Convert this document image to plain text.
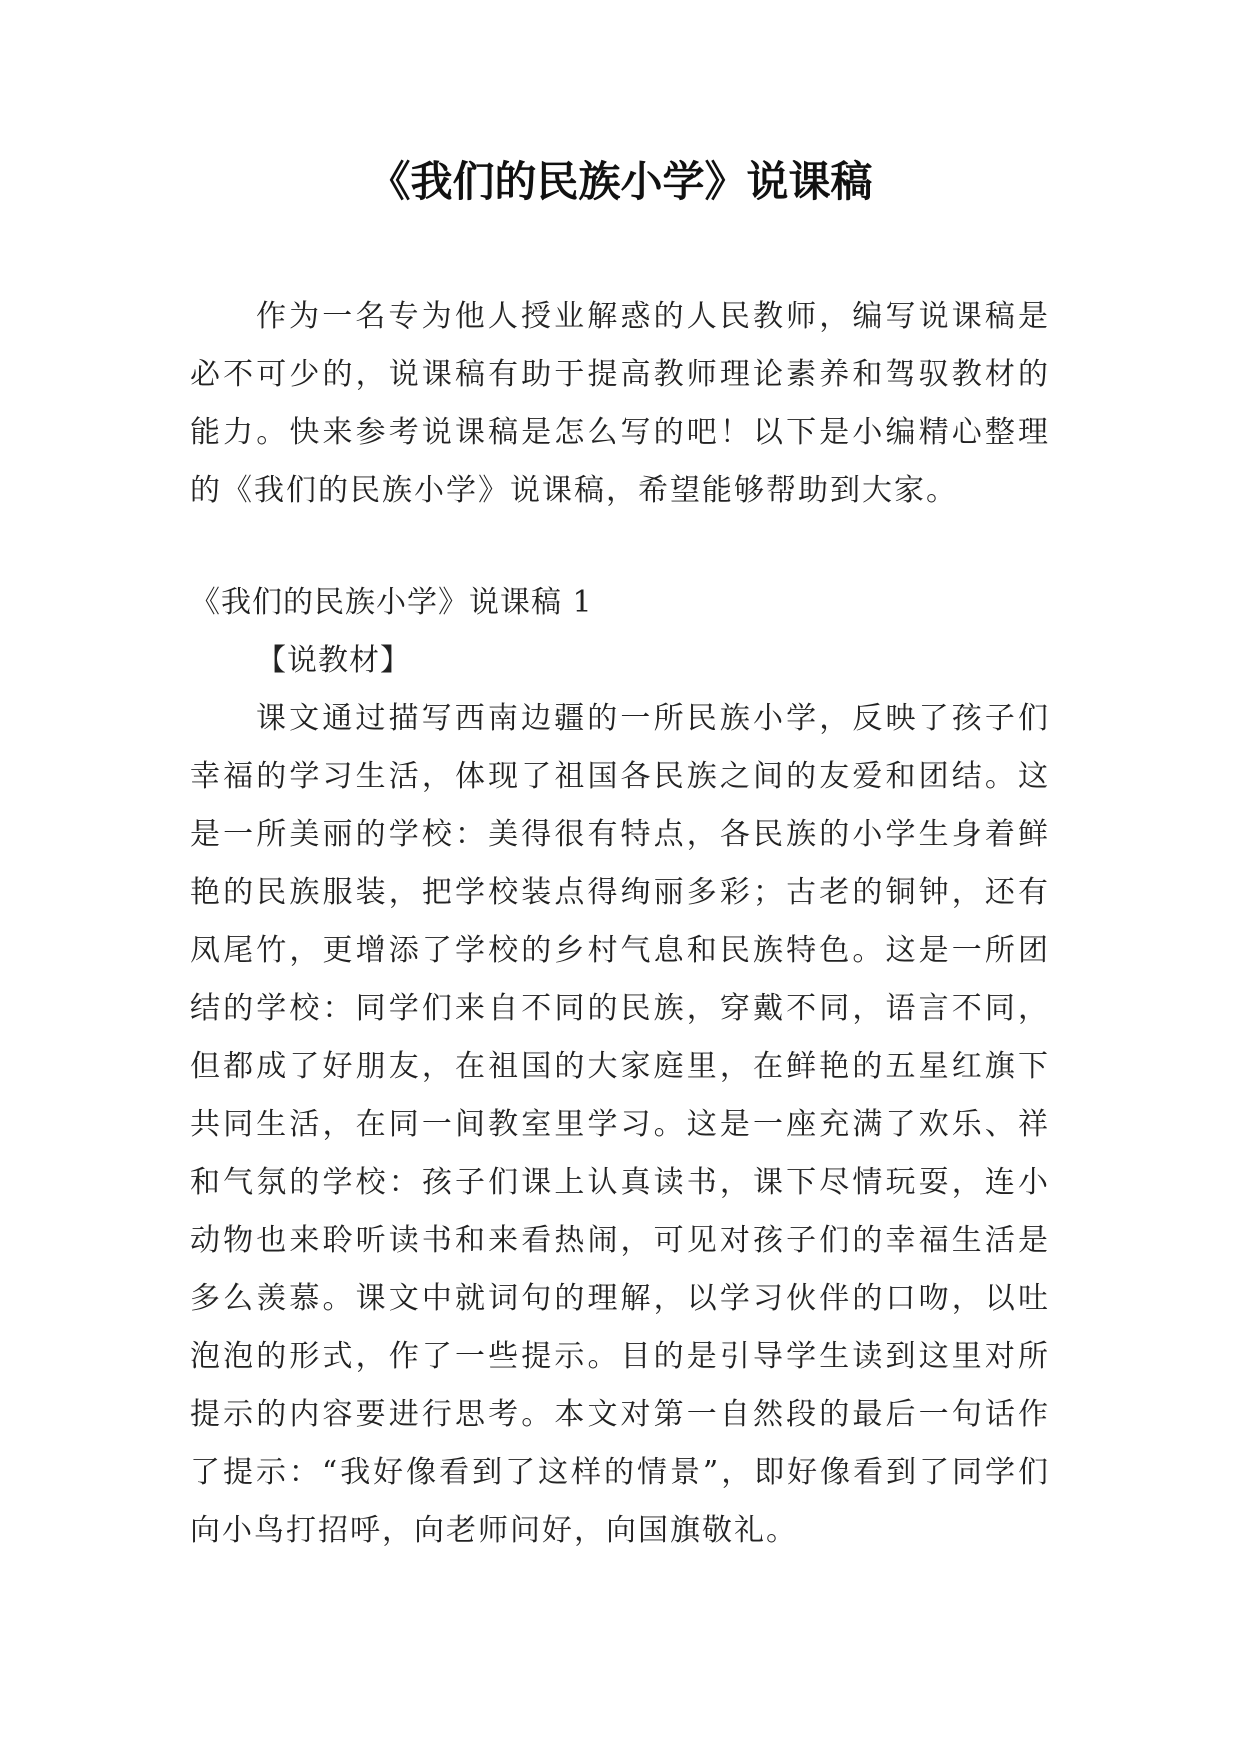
《我们的民族小学》说课稿

作为一名专为他人授业解惑的人民教师，编写说课稿是必不可少的，说课稿有助于提高教师理论素养和驾驭教材的能力。快来参考说课稿是怎么写的吧！以下是小编精心整理的《我们的民族小学》说课稿，希望能够帮助到大家。

《我们的民族小学》说课稿 1

【说教材】

课文通过描写西南边疆的一所民族小学，反映了孩子们幸福的学习生活，体现了祖国各民族之间的友爱和团结。这是一所美丽的学校：美得很有特点，各民族的小学生身着鲜艳的民族服装，把学校装点得绚丽多彩；古老的铜钟，还有凤尾竹，更增添了学校的乡村气息和民族特色。这是一所团结的学校：同学们来自不同的民族，穿戴不同，语言不同，但都成了好朋友，在祖国的大家庭里，在鲜艳的五星红旗下共同生活，在同一间教室里学习。这是一座充满了欢乐、祥和气氛的学校：孩子们课上认真读书，课下尽情玩耍，连小动物也来聆听读书和来看热闹，可见对孩子们的幸福生活是多么羡慕。课文中就词句的理解，以学习伙伴的口吻，以吐泡泡的形式，作了一些提示。目的是引导学生读到这里对所提示的内容要进行思考。本文对第一自然段的最后一句话作了提示：“我好像看到了这样的情景”，即好像看到了同学们向小鸟打招呼，向老师问好，向国旗敬礼。
